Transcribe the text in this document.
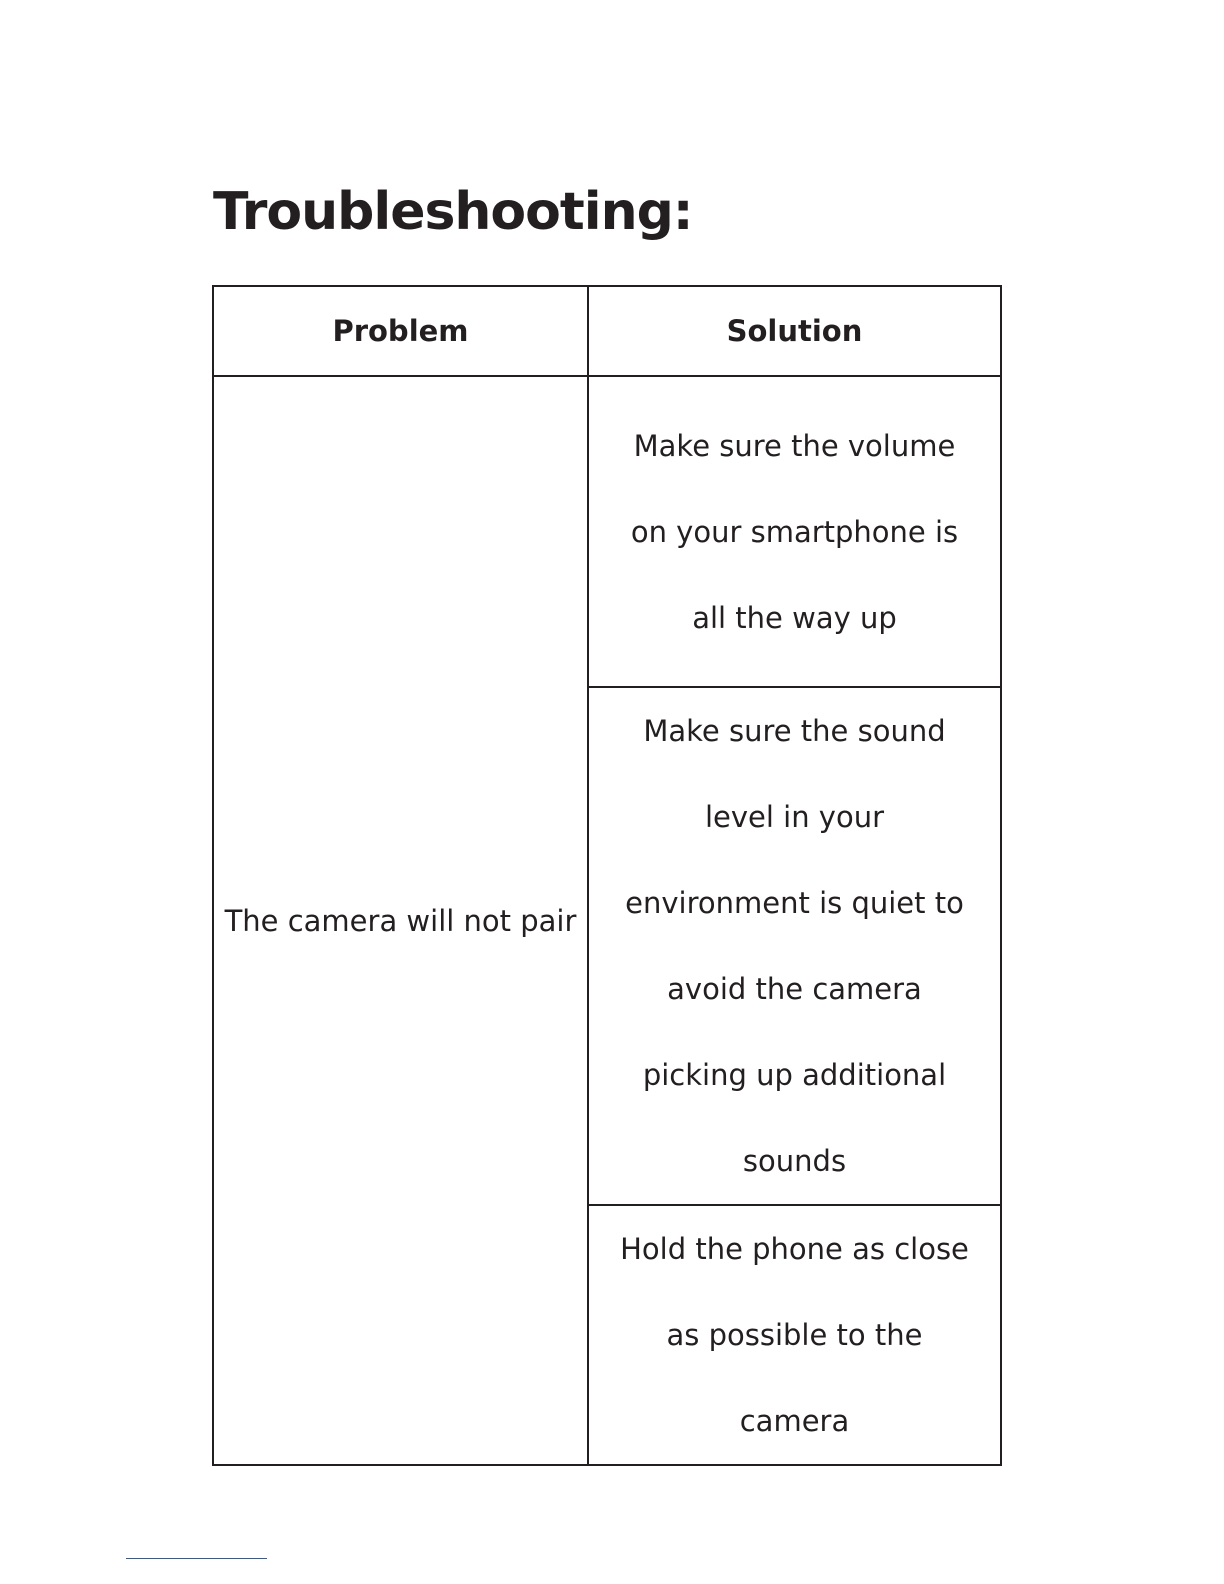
Troubleshooting:
Problem	Solution
The camera will not pair	Make sure the volume on your smartphone is all the way up

	Make sure the sound level in your environment is quiet to avoid the camera picking up additional sounds

	Hold the phone as close as possible to the camera
